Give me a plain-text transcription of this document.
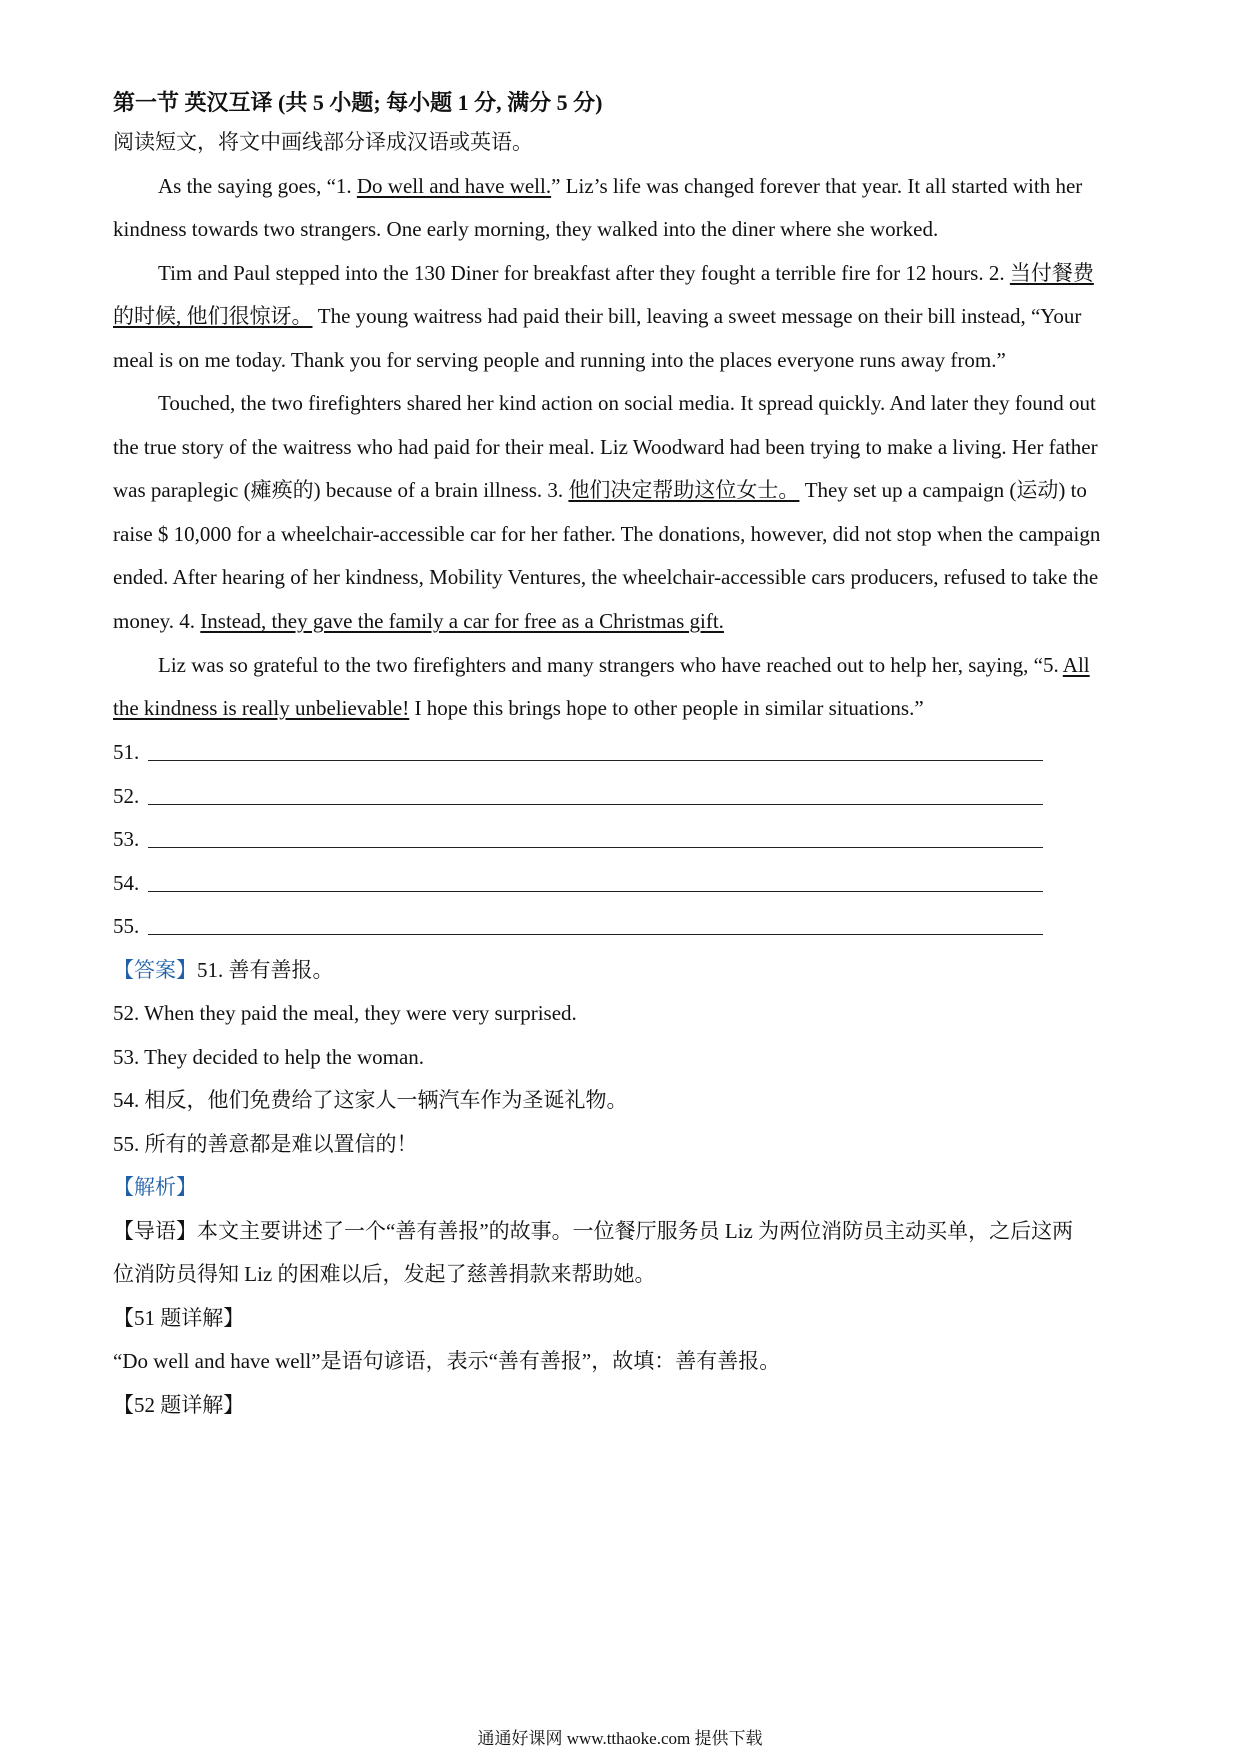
第一节 英汉互译 (共 5 小题; 每小题 1 分, 满分 5 分)
阅读短文，将文中画线部分译成汉语或英语。
As the saying goes, “1. Do well and have well.” Liz’s life was changed forever that year. It all started with her
kindness towards two strangers. One early morning, they walked into the diner where she worked.
Tim and Paul stepped into the 130 Diner for breakfast after they fought a terrible fire for 12 hours. 2. 当付餐费
的时候, 他们很惊讶。 The young waitress had paid their bill, leaving a sweet message on their bill instead, “Your
meal is on me today. Thank you for serving people and running into the places everyone runs away from.”
Touched, the two firefighters shared her kind action on social media. It spread quickly. And later they found out
the true story of the waitress who had paid for their meal. Liz Woodward had been trying to make a living. Her father
was paraplegic (瘫痪的) because of a brain illness. 3. 他们决定帮助这位女士。 They set up a campaign (运动) to
raise $ 10,000 for a wheelchair-accessible car for her father. The donations, however, did not stop when the campaign
ended. After hearing of her kindness, Mobility Ventures, the wheelchair-accessible cars producers, refused to take the
money. 4. Instead, they gave the family a car for free as a Christmas gift.
Liz was so grateful to the two firefighters and many strangers who have reached out to help her, saying, “5. All
the kindness is really unbelievable! I hope this brings hope to other people in similar situations.”
51.
52.
53.
54.
55.
【答案】51. 善有善报。
52. When they paid the meal, they were very surprised.
53. They decided to help the woman.
54. 相反，他们免费给了这家人一辆汽车作为圣诞礼物。
55. 所有的善意都是难以置信的！
【解析】
【导语】本文主要讲述了一个“善有善报”的故事。一位餐厅服务员 Liz 为两位消防员主动买单，之后这两
位消防员得知 Liz 的困难以后，发起了慈善捐款来帮助她。
【51 题详解】
“Do well and have well”是语句谚语，表示“善有善报”，故填：善有善报。
【52 题详解】
通通好课网 www.tthaoke.com 提供下载
